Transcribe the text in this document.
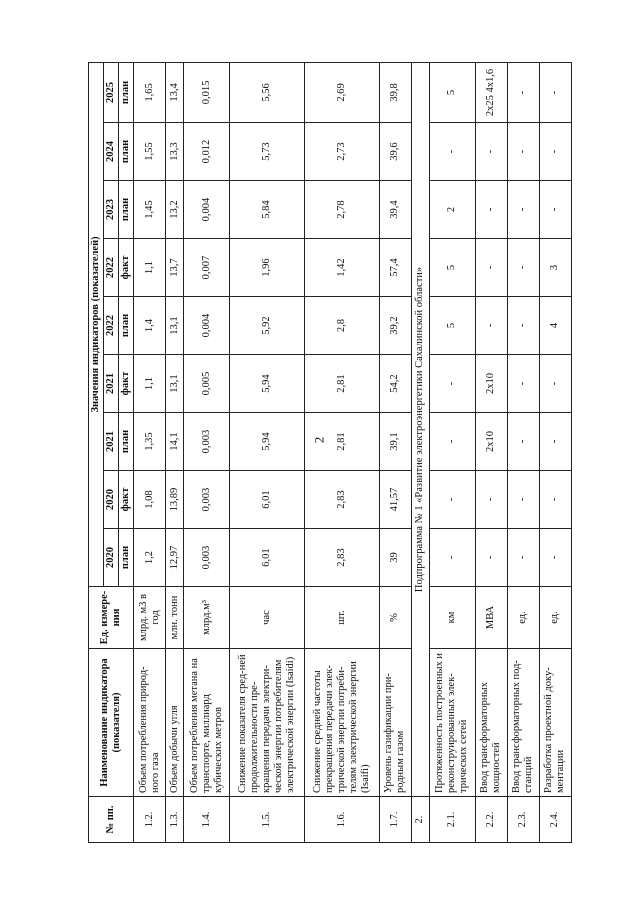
2
№ пп.	Наименование индикатора (показателя)	Ед. измере-ния	Значения индикаторов (показателей)								
			2020	2020	2021	2021	2022	2022	2023	2024	2025
			план	факт	план	факт	план	факт	план	план	план
1.2.	Объем потребления природ-ного газа	млрд. м3 в год	1,2	1,08	1,35	1,1	1,4	1,1	1,45	1,55	1,65
1.3.	Объем добычи угля	млн. тонн	12,97	13,89	14,1	13,1	13,1	13,7	13,2	13,3	13,4
1.4.	Объем потребления метана на транспорте, миллиард кубических метров	млрд.м³	0,003	0,003	0,003	0,005	0,004	0,007	0,004	0,012	0,015
1.5.	Снижение показателя сред-ней продолжительности пре-кращения передачи электри-ческой энергии потребителям электрической энергии (Isaidi)	час	6,01	6,01	5,94	5,94	5,92	1,96	5,84	5,73	5,56
1.6.	Снижение средней частоты прекращения передачи элек-трической энергии потреби-телям электрической энергии (Isaifi)	шт.	2,83	2,83	2,81	2,81	2,8	1,42	2,78	2,73	2,69
1.7.	Уровень газификации при-родным газом	%	39	41,57	39,1	54,2	39,2	57,4	39,4	39,6	39,8
2.	Подпрограмма № 1 «Развитие электроэнергетики Сахалинской области»										
2.1.	Протяженность построенных и реконструированных элек-трических сетей	км	-	-	-	-	5	5	2	-	5
2.2.	Ввод трансформаторных мощностей	МВА	-	-	2х10	2х10	-	-	-	-	2х25 4х1,6
2.3.	Ввод трансформаторных под-станций	ед.	-	-	-	-	-	-	-	-	-
2.4.	Разработка проектной доку-ментации	ед.	-	-	-	-	4	3	-	-	-
